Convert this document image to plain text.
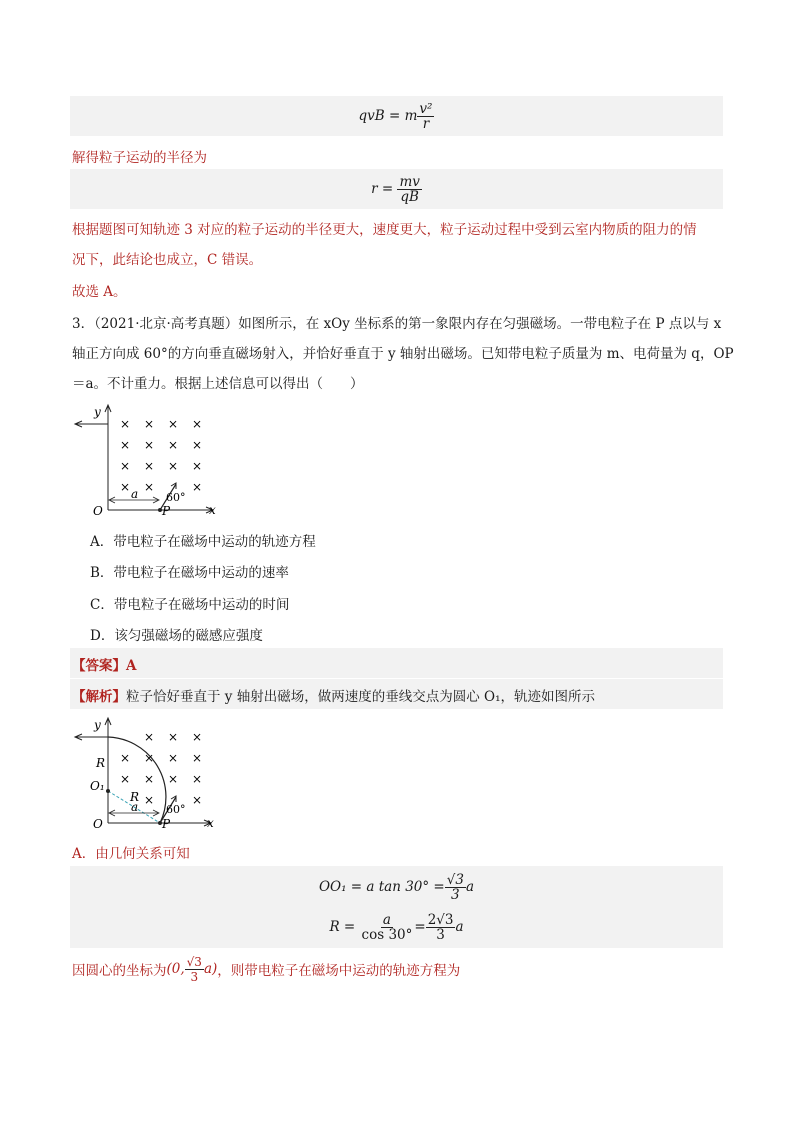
qvB = m $\frac{\text{v²}}{r}$
解得粒子运动的半径为
r =
$\frac{mv}{qB}$
根据题图可知轨迹 3 对应的粒子运动的半径更大，速度更大，粒子运动过程中受到云室内物质的阻力的情
况下，此结论也成立，C 错误。
故选 A。
3．（2021·北京·高考真题）如图所示，在 xOy 坐标系的第一象限内存在匀强磁场。一带电粒子在 P 点以与 x
轴正方向成 60°的方向垂直磁场射入，并恰好垂直于 y 轴射出磁场。已知带电粒子质量为 m、电荷量为 q，OP
＝a。不计重力。根据上述信息可以得出（　　）
y
x
O	P
a	60°
× × × ×
× × × ×
× × × ×
× ×	×
A．带电粒子在磁场中运动的轨迹方程
B．带电粒子在磁场中运动的速率
C．带电粒子在磁场中运动的时间
D．该匀强磁场的磁感应强度
【答案】A
【解析】粒子恰好垂直于 y 轴射出磁场，做两速度的垂线交点为圆心 O₁，轨迹如图所示
y
x
O
O₁
P
R
R
a	60°
× × ×
× × × ×
× × × ×
×	×
A．由几何关系可知
OO₁ = a $\tan 30^\circ = \frac{√3}{3}$ a
R =
$\frac{a}{\cos 30^\circ} = \frac{2√3}{3}$ a
因圆心的坐标为 (0, $\frac{√3}{3} a$) ，则带电粒子在磁场中运动的轨迹方程为
